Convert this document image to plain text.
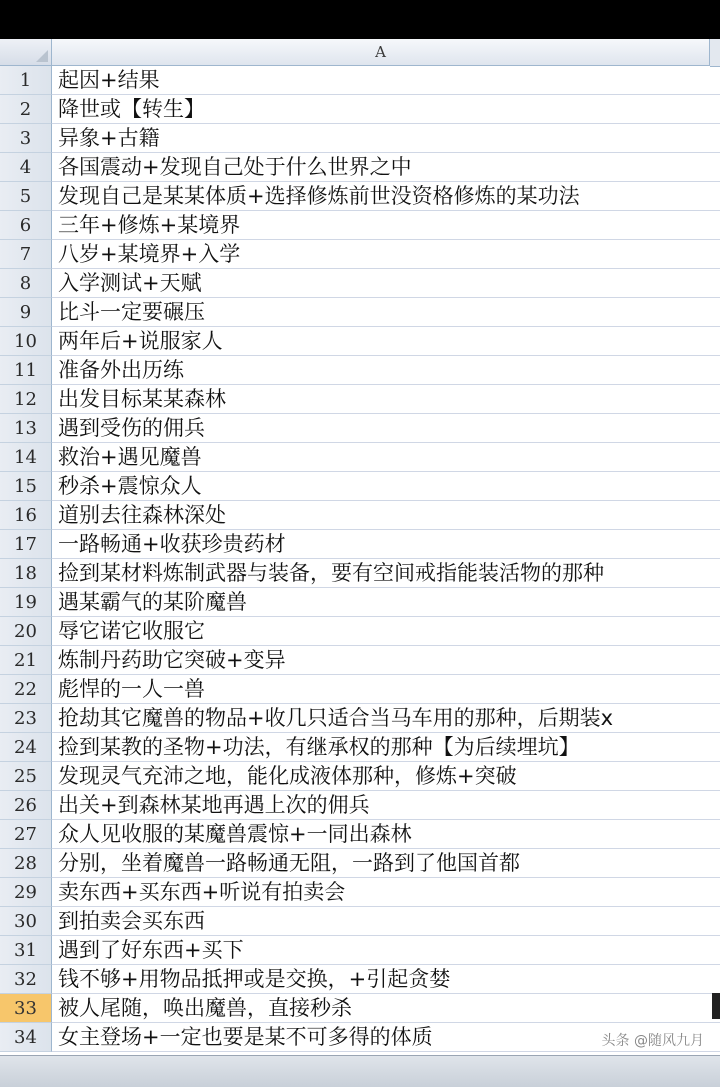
A
1	起因+结果
2	降世或【转生】
3	异象+古籍
4	各国震动+发现自己处于什么世界之中
5	发现自己是某某体质+选择修炼前世没资格修炼的某功法
6	三年+修炼+某境界
7	八岁+某境界+入学
8	入学测试+天赋
9	比斗一定要碾压
10	两年后+说服家人
11	准备外出历练
12	出发目标某某森林
13	遇到受伤的佣兵
14	救治+遇见魔兽
15	秒杀+震惊众人
16	道别去往森林深处
17	一路畅通+收获珍贵药材
18	捡到某材料炼制武器与装备，要有空间戒指能装活物的那种
19	遇某霸气的某阶魔兽
20	辱它诺它收服它
21	炼制丹药助它突破+变异
22	彪悍的一人一兽
23	抢劫其它魔兽的物品+收几只适合当马车用的那种，后期装x
24	捡到某教的圣物+功法，有继承权的那种【为后续埋坑】
25	发现灵气充沛之地，能化成液体那种，修炼+突破
26	出关+到森林某地再遇上次的佣兵
27	众人见收服的某魔兽震惊+一同出森林
28	分别，坐着魔兽一路畅通无阻，一路到了他国首都
29	卖东西+买东西+听说有拍卖会
30	到拍卖会买东西
31	遇到了好东西+买下
32	钱不够+用物品抵押或是交换，+引起贪婪
33	被人尾随，唤出魔兽，直接秒杀
34	女主登场+一定也要是某不可多得的体质	头条 @随风九月
